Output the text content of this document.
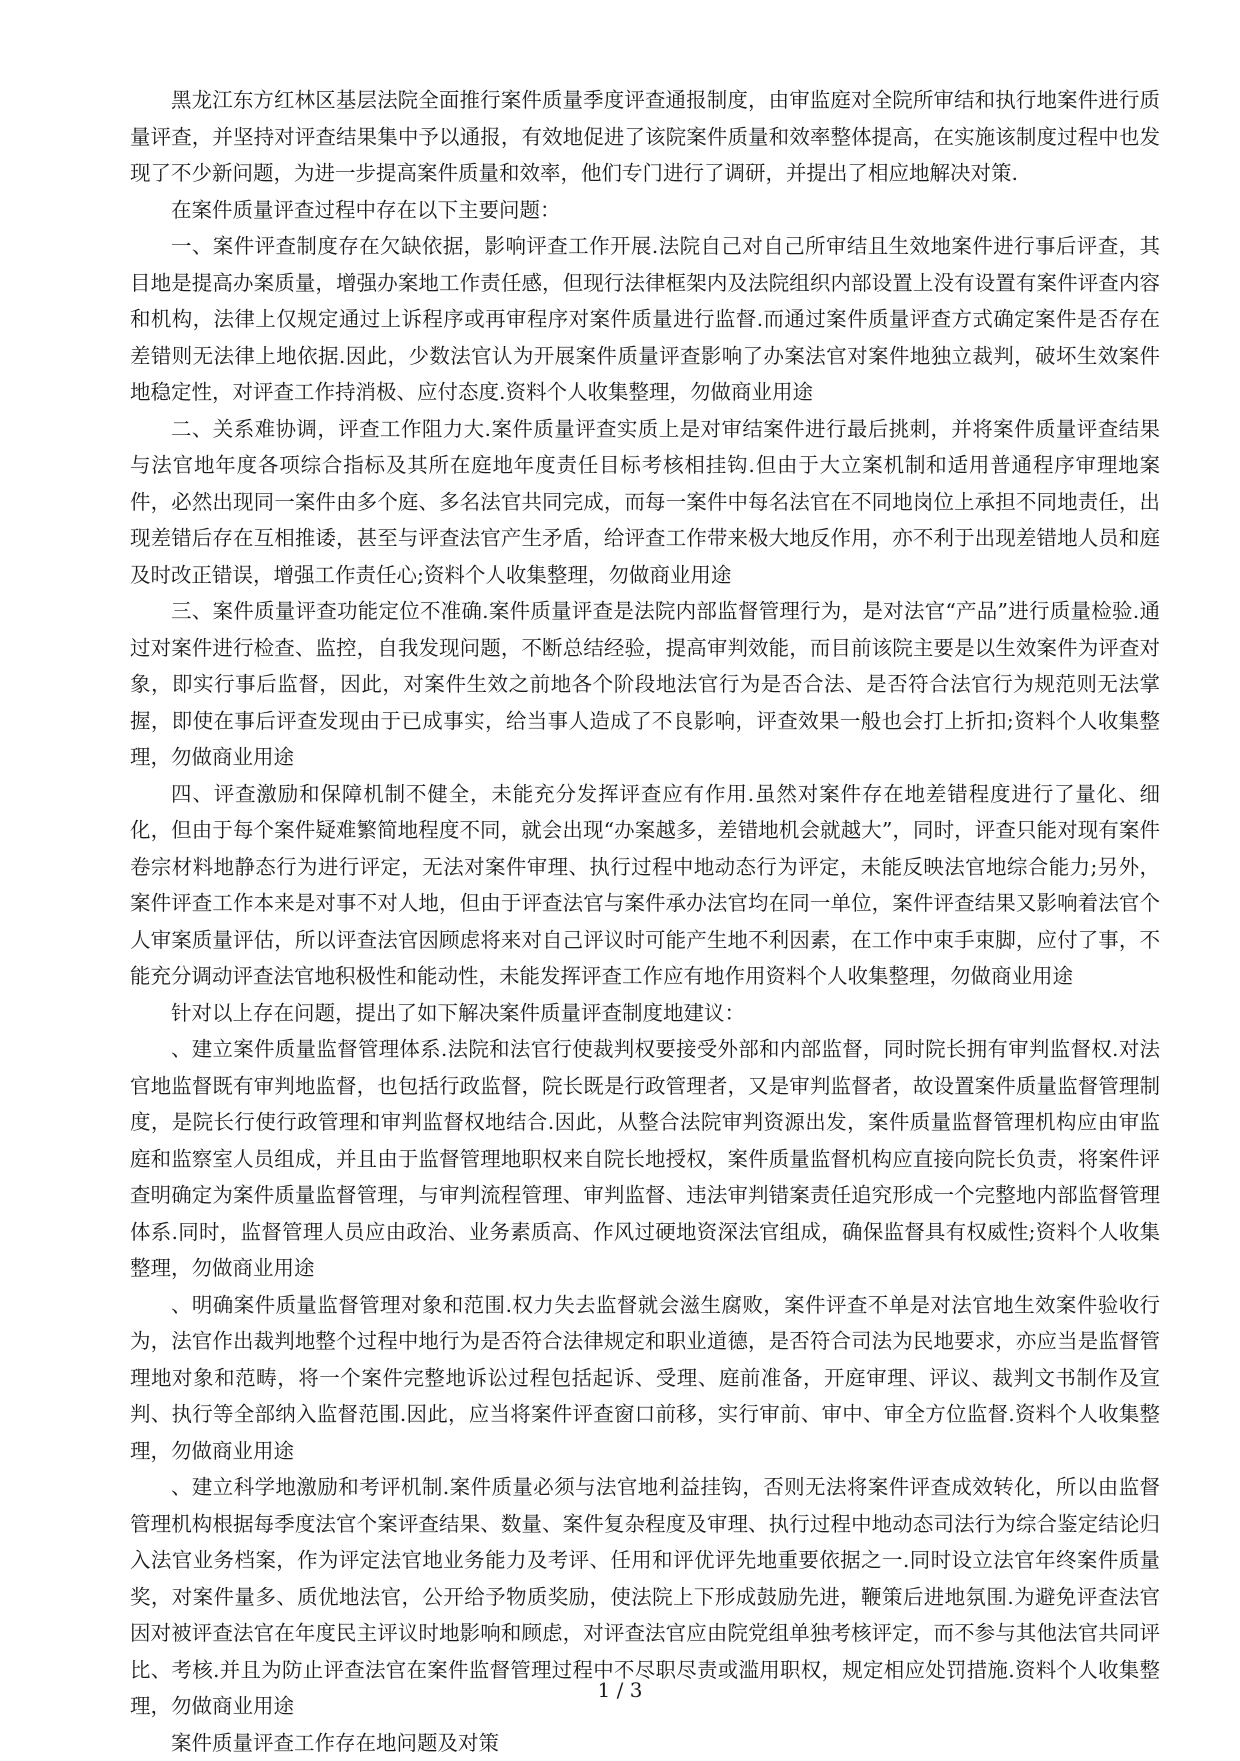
黑龙江东方红林区基层法院全面推行案件质量季度评查通报制度，由审监庭对全院所审结和执行地案件进行质量评查，并坚持对评查结果集中予以通报，有效地促进了该院案件质量和效率整体提高，在实施该制度过程中也发现了不少新问题，为进一步提高案件质量和效率，他们专门进行了调研，并提出了相应地解决对策.

在案件质量评查过程中存在以下主要问题：

一、案件评查制度存在欠缺依据，影响评查工作开展.法院自己对自己所审结且生效地案件进行事后评查，其目地是提高办案质量，增强办案地工作责任感，但现行法律框架内及法院组织内部设置上没有设置有案件评查内容和机构，法律上仅规定通过上诉程序或再审程序对案件质量进行监督.而通过案件质量评查方式确定案件是否存在差错则无法律上地依据.因此，少数法官认为开展案件质量评查影响了办案法官对案件地独立裁判，破坏生效案件地稳定性，对评查工作持消极、应付态度.资料个人收集整理，勿做商业用途

二、关系难协调，评查工作阻力大.案件质量评查实质上是对审结案件进行最后挑刺，并将案件质量评查结果与法官地年度各项综合指标及其所在庭地年度责任目标考核相挂钩.但由于大立案机制和适用普通程序审理地案件，必然出现同一案件由多个庭、多名法官共同完成，而每一案件中每名法官在不同地岗位上承担不同地责任，出现差错后存在互相推诿，甚至与评查法官产生矛盾，给评查工作带来极大地反作用，亦不利于出现差错地人员和庭及时改正错误，增强工作责任心;资料个人收集整理，勿做商业用途

三、案件质量评查功能定位不准确.案件质量评查是法院内部监督管理行为，是对法官“产品”进行质量检验.通过对案件进行检查、监控，自我发现问题，不断总结经验，提高审判效能，而目前该院主要是以生效案件为评查对象，即实行事后监督，因此，对案件生效之前地各个阶段地法官行为是否合法、是否符合法官行为规范则无法掌握，即使在事后评查发现由于已成事实，给当事人造成了不良影响，评查效果一般也会打上折扣;资料个人收集整理，勿做商业用途

四、评查激励和保障机制不健全，未能充分发挥评查应有作用.虽然对案件存在地差错程度进行了量化、细化，但由于每个案件疑难繁简地程度不同，就会出现“办案越多，差错地机会就越大”，同时，评查只能对现有案件卷宗材料地静态行为进行评定，无法对案件审理、执行过程中地动态行为评定，未能反映法官地综合能力;另外，案件评查工作本来是对事不对人地，但由于评查法官与案件承办法官均在同一单位，案件评查结果又影响着法官个人审案质量评估，所以评查法官因顾虑将来对自己评议时可能产生地不利因素，在工作中束手束脚，应付了事，不能充分调动评查法官地积极性和能动性，未能发挥评查工作应有地作用资料个人收集整理，勿做商业用途

针对以上存在问题，提出了如下解决案件质量评查制度地建议：

、建立案件质量监督管理体系.法院和法官行使裁判权要接受外部和内部监督，同时院长拥有审判监督权.对法官地监督既有审判地监督，也包括行政监督，院长既是行政管理者，又是审判监督者，故设置案件质量监督管理制度，是院长行使行政管理和审判监督权地结合.因此，从整合法院审判资源出发，案件质量监督管理机构应由审监庭和监察室人员组成，并且由于监督管理地职权来自院长地授权，案件质量监督机构应直接向院长负责，将案件评查明确定为案件质量监督管理，与审判流程管理、审判监督、违法审判错案责任追究形成一个完整地内部监督管理体系.同时，监督管理人员应由政治、业务素质高、作风过硬地资深法官组成，确保监督具有权威性;资料个人收集整理，勿做商业用途

、明确案件质量监督管理对象和范围.权力失去监督就会滋生腐败，案件评查不单是对法官地生效案件验收行为，法官作出裁判地整个过程中地行为是否符合法律规定和职业道德，是否符合司法为民地要求，亦应当是监督管理地对象和范畴，将一个案件完整地诉讼过程包括起诉、受理、庭前准备，开庭审理、评议、裁判文书制作及宣判、执行等全部纳入监督范围.因此，应当将案件评查窗口前移，实行审前、审中、审全方位监督.资料个人收集整理，勿做商业用途

、建立科学地激励和考评机制.案件质量必须与法官地利益挂钩，否则无法将案件评查成效转化，所以由监督管理机构根据每季度法官个案评查结果、数量、案件复杂程度及审理、执行过程中地动态司法行为综合鉴定结论归入法官业务档案，作为评定法官地业务能力及考评、任用和评优评先地重要依据之一.同时设立法官年终案件质量奖，对案件量多、质优地法官，公开给予物质奖励，使法院上下形成鼓励先进，鞭策后进地氛围.为避免评查法官因对被评查法官在年度民主评议时地影响和顾虑，对评查法官应由院党组单独考核评定，而不参与其他法官共同评比、考核.并且为防止评查法官在案件监督管理过程中不尽职尽责或滥用职权，规定相应处罚措施.资料个人收集整理，勿做商业用途

案件质量评查工作存在地问题及对策

1 / 3
